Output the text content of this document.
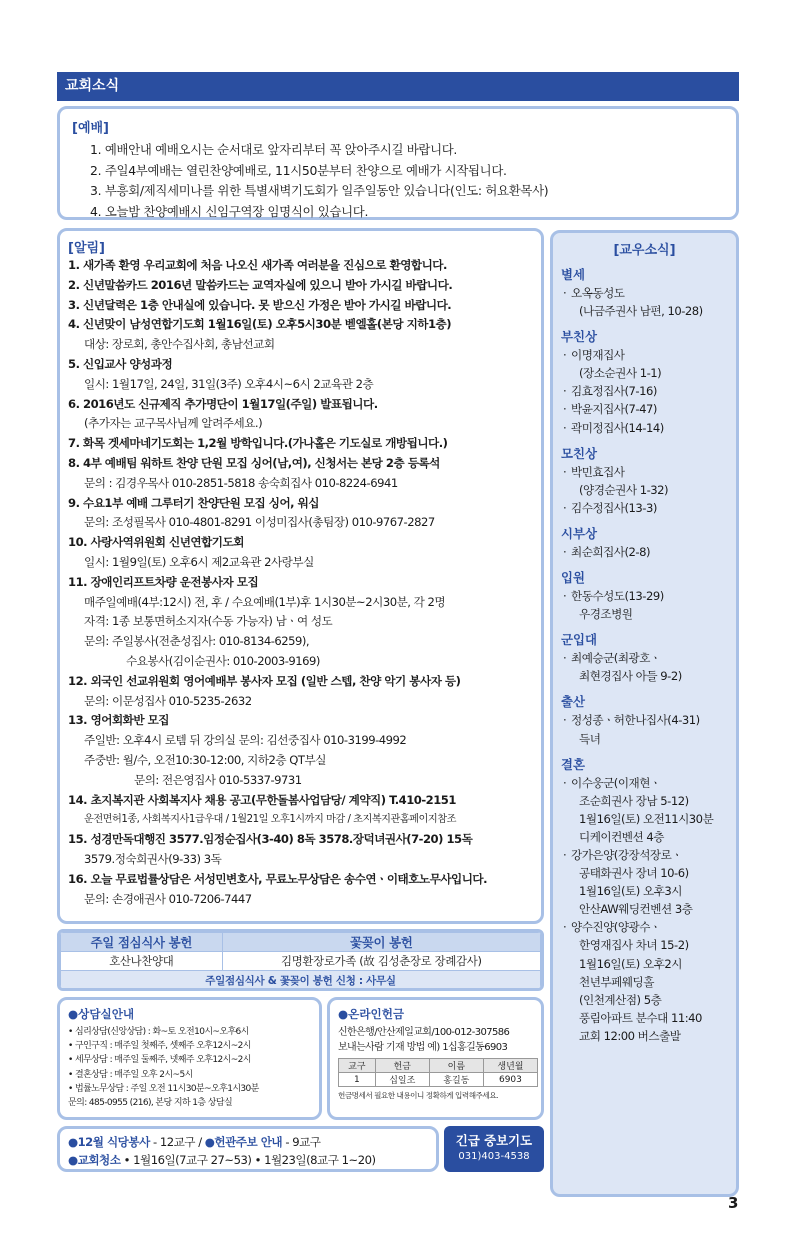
교회소식
[예배]
1. 예배안내 예배오시는 순서대로 앞자리부터 꼭 앉아주시길 바랍니다.
2. 주일4부예배는 열린찬양예배로, 11시50분부터 찬양으로 예배가 시작됩니다.
3. 부흥회/제직세미나를 위한 특별새벽기도회가 일주일동안 있습니다(인도: 허요환목사)
4. 오늘밤 찬양예배시 신임구역장 임명식이 있습니다.
[알림]
1. 새가족 환영 우리교회에 처음 나오신 새가족 여러분을 진심으로 환영합니다.
2. 신년말씀카드 2016년 말씀카드는 교역자실에 있으니 받아 가시길 바랍니다.
3. 신년달력은 1층 안내실에 있습니다. 못 받으신 가정은 받아 가시길 바랍니다.
4. 신년맞이 남성연합기도회 1월16일(토) 오후5시30분 벧엘홀(본당 지하1층)
대상: 장로회, 총안수집사회, 총남선교회
5. 신입교사 양성과정
일시: 1월17일, 24일, 31일(3주) 오후4시~6시 2교육관 2층
6. 2016년도 신규제직 추가명단이 1월17일(주일) 발표됩니다.
(추가자는 교구목사님께 알려주세요.)
7. 화목 겟세마네기도회는 1,2월 방학입니다.(가나홀은 기도실로 개방됩니다.)
8. 4부 예배팀 워하트 찬양 단원 모집 싱어(남,여), 신청서는 본당 2층 등록석
문의 : 김경우목사 010-2851-5818 송숙희집사 010-8224-6941
9. 수요1부 예배 그루터기 찬양단원 모집 싱어, 워십
문의: 조성필목사 010-4801-8291 이성미집사(총팀장) 010-9767-2827
10. 사랑사역위원회 신년연합기도회
일시: 1월9일(토) 오후6시 제2교육관 2사랑부실
11. 장애인리프트차량 운전봉사자 모집
매주일예배(4부:12시) 전, 후 / 수요예배(1부)후 1시30분~2시30분, 각 2명
자격: 1종 보통면허소지자(수동 가능자) 남ㆍ여 성도
문의: 주일봉사(전춘성집사: 010-8134-6259),
수요봉사(김이순권사: 010-2003-9169)
12. 외국인 선교위원회 영어예배부 봉사자 모집 (일반 스텝, 찬양 악기 봉사자 등)
문의: 이문성집사 010-5235-2632
13. 영어회화반 모집
주일반: 오후4시 로템 뒤 강의실 문의: 김선중집사 010-3199-4992
주중반: 월/수, 오전10:30-12:00, 지하2층 QT부실
문의: 전은영집사 010-5337-9731
14. 초지복지관 사회복지사 채용 공고(무한돌봄사업담당/ 계약직) T.410-2151
운전면허1종, 사회복지사1급우대 / 1월21일 오후1시까지 마감 / 초지복지관홈페이지참조
15. 성경만독대행진 3577.임정순집사(3-40) 8독 3578.장덕녀권사(7-20) 15독
3579.정숙희권사(9-33) 3독
16. 오늘 무료법률상담은 서성민변호사, 무료노무상담은 송수연ㆍ이태호노무사입니다.
문의: 손경애권사 010-7206-7447
[교우소식]
별세
· 오옥동성도
(나금주권사 남편, 10-28)
부친상
· 이명재집사
(장소순권사 1-1)
· 김효정집사(7-16)
· 박윤지집사(7-47)
· 곽미정집사(14-14)
모친상
· 박민효집사
(양경순권사 1-32)
· 김수정집사(13-3)
시부상
· 최순희집사(2-8)
입원
· 한동수성도(13-29)
우경조병원
군입대
· 최예승군(최광호ㆍ
최현경집사 아들 9-2)
출산
· 정성종ㆍ허한나집사(4-31)
득녀
결혼
· 이수웅군(이재현ㆍ
조순희권사 장남 5-12)
1월16일(토) 오전11시30분
디케이컨벤션 4층
· 강가은양(강장석장로ㆍ
공태화권사 장녀 10-6)
1월16일(토) 오후3시
안산AW웨딩컨벤션 3층
· 양수진양(양광수ㆍ
한영재집사 차녀 15-2)
1월16일(토) 오후2시
천년부페웨딩홀
(인천계산점) 5층
풍림아파트 분수대 11:40
교회 12:00 버스출발
주일 점심식사 봉헌	꽃꽂이 봉헌
호산나찬양대	김명환장로가족 (故 김성춘장로 장례감사)
주일점심식사 & 꽃꽂이 봉헌 신청 : 사무실	
●상담실안내
• 심리상담(신앙상담) : 화~토 오전10시~오후6시
• 구인구직 : 매주일 첫째주, 셋째주 오후12시~2시
• 세무상담 : 매주일 둘째주, 넷째주 오후12시~2시
• 결혼상담 : 매주일 오후 2시~5시
• 법률노무상담 : 주일 오전 11시30분~오후1시30분
문의: 485-0955 (216), 본당 지하 1층 상담실
●온라인헌금
신한은행/안산제일교회/100-012-307586
보내는사람 기재 방법 예) 1십홍길동6903
교구	헌금	이름	생년월
1	십일조	홍길동	6903
헌금명세서 필요한 내용이니 정확하게 입력해주세요.
●12월 식당봉사 - 12교구 / ●헌관주보 안내 - 9교구
●교회청소 • 1월16일(7교구 27~53) • 1월23일(8교구 1~20)
긴급 중보기도
031)403-4538
3
